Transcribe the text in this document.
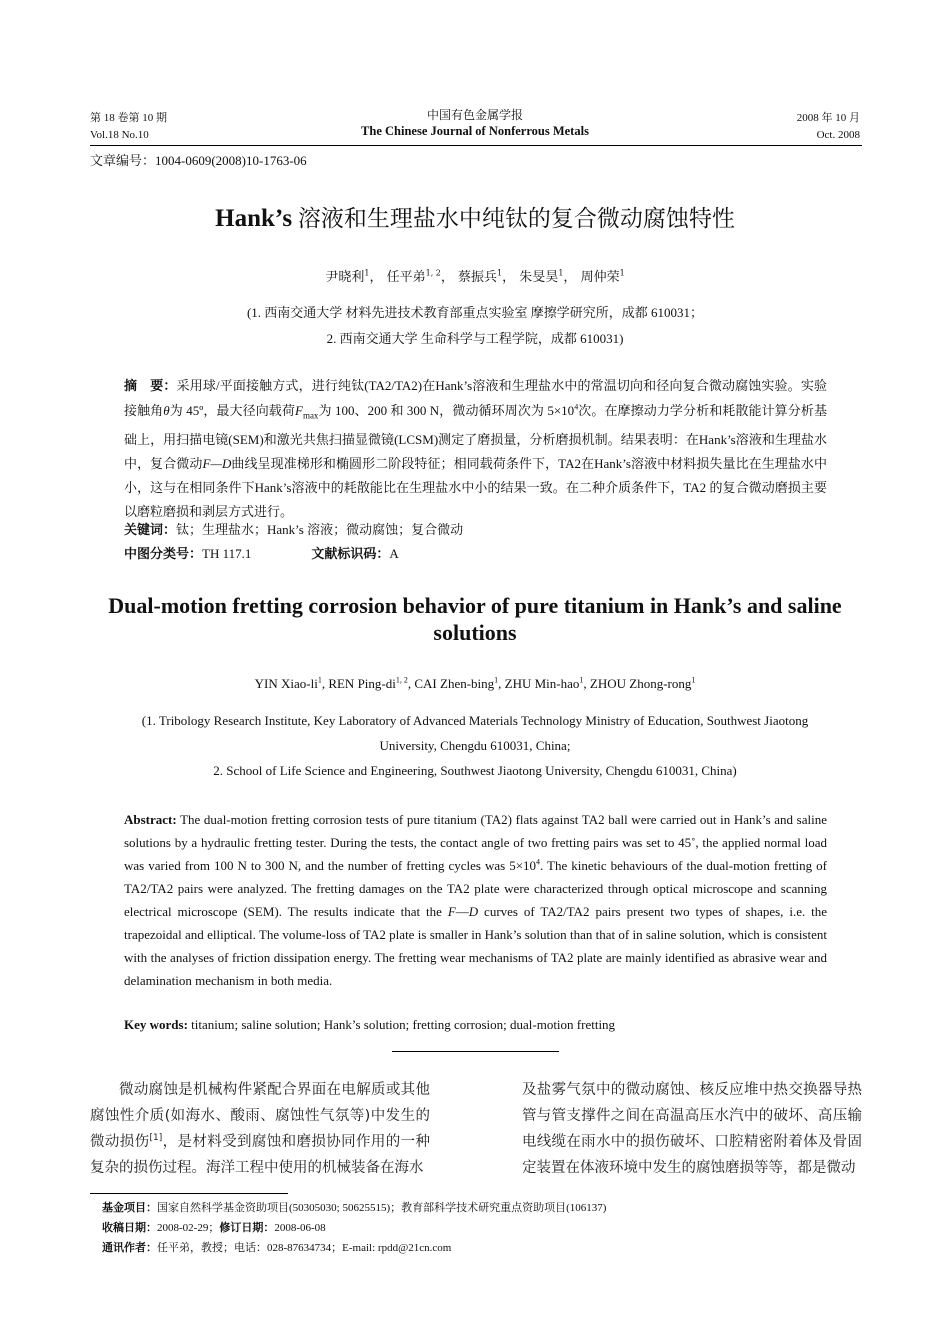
第 18 卷第 10 期
Vol.18 No.10
中国有色金属学报
The Chinese Journal of Nonferrous Metals
2008 年 10 月
Oct. 2008
文章编号：1004-0609(2008)10-1763-06
Hank’s 溶液和生理盐水中纯钛的复合微动腐蚀特性
尹晓利$^1$， 任平弟$^{1, 2}$， 蔡振兵$^1$， 朱旻昊$^1$， 周仲荣$^1$
(1. 西南交通大学 材料先进技术教育部重点实验室 摩擦学研究所，成都 610031；
2. 西南交通大学 生命科学与工程学院，成都 610031)
摘　要：采用球/平面接触方式，进行纯钛(TA2/TA2)在Hank’s溶液和生理盐水中的常温切向和径向复合微动腐蚀实验。实验接触角θ为 45º，最大径向载荷$F_{max}$为 100、200 和 300 N，微动循环周次为 $5\times 10^4$次。在摩擦动力学分析和耗散能计算分析基础上，用扫描电镜(SEM)和激光共焦扫描显微镜(LCSM)测定了磨损量，分析磨损机制。结果表明：在Hank’s溶液和生理盐水中，复合微动F—D曲线呈现准梯形和椭圆形二阶段特征；相同载荷条件下，TA2在Hank’s溶液中材料损失量比在生理盐水中小，这与在相同条件下Hank’s溶液中的耗散能比在生理盐水中小的结果一致。在二种介质条件下，TA2 的复合微动磨损主要以磨粒磨损和剥层方式进行。
关键词：钛；生理盐水；Hank’s 溶液；微动腐蚀；复合微动
中图分类号：TH 117.1	文献标识码：A
Dual-motion fretting corrosion behavior of pure titanium in Hank’s and saline solutions
YIN Xiao-$li^1$, REN Ping-di$^{1, 2}$, CAI Zhen-bing$^1$, ZHU Min-hao$^1$, ZHOU Zhong-rong$^1$
(1. Tribology Research Institute, Key Laboratory of Advanced Materials Technology Ministry of Education, Southwest Jiaotong University, Chengdu 610031, China;
2. School of Life Science and Engineering, Southwest Jiaotong University, Chengdu 610031, China)
Abstract: The dual-motion fretting corrosion tests of pure titanium (TA2) flats against TA2 ball were carried out in Hank’s and saline solutions by a hydraulic fretting tester. During the tests, the contact angle of two fretting pairs was set to 45˚, the applied normal load was varied from 100 N to 300 N, and the number of fretting cycles was $5\times 10^4$. The kinetic behaviours of the dual-motion fretting of TA2/TA2 pairs were analyzed. The fretting damages on the TA2 plate were characterized through optical microscope and scanning electrical microscope (SEM). The results indicate that the F—D curves of TA2/TA2 pairs present two types of shapes, i.e. the trapezoidal and elliptical. The volume-loss of TA2 plate is smaller in Hank’s solution than that of in saline solution, which is consistent with the analyses of friction dissipation energy. The fretting wear mechanisms of TA2 plate are mainly identified as abrasive wear and delamination mechanism in both media.
Key words: titanium; saline solution; Hank’s solution; fretting corrosion; dual-motion fretting
微动腐蚀是机械构件紧配合界面在电解质或其他腐蚀性介质(如海水、酸雨、腐蚀性气氛等)中发生的微动损伤[1]，是材料受到腐蚀和磨损协同作用的一种复杂的损伤过程。海洋工程中使用的机械装备在海水
及盐雾气氛中的微动腐蚀、核反应堆中热交换器导热管与管支撑件之间在高温高压水汽中的破坏、高压输电线缆在雨水中的损伤破坏、口腔精密附着体及骨固定装置在体液环境中发生的腐蚀磨损等等，都是微动
基金项目：国家自然科学基金资助项目(50305030; 50625515)；教育部科学技术研究重点资助项目(106137)
收稿日期：2008-02-29；修订日期：2008-06-08
通讯作者：任平弟，教授；电话：028-87634734；E-mail: rpdd@21cn.com
